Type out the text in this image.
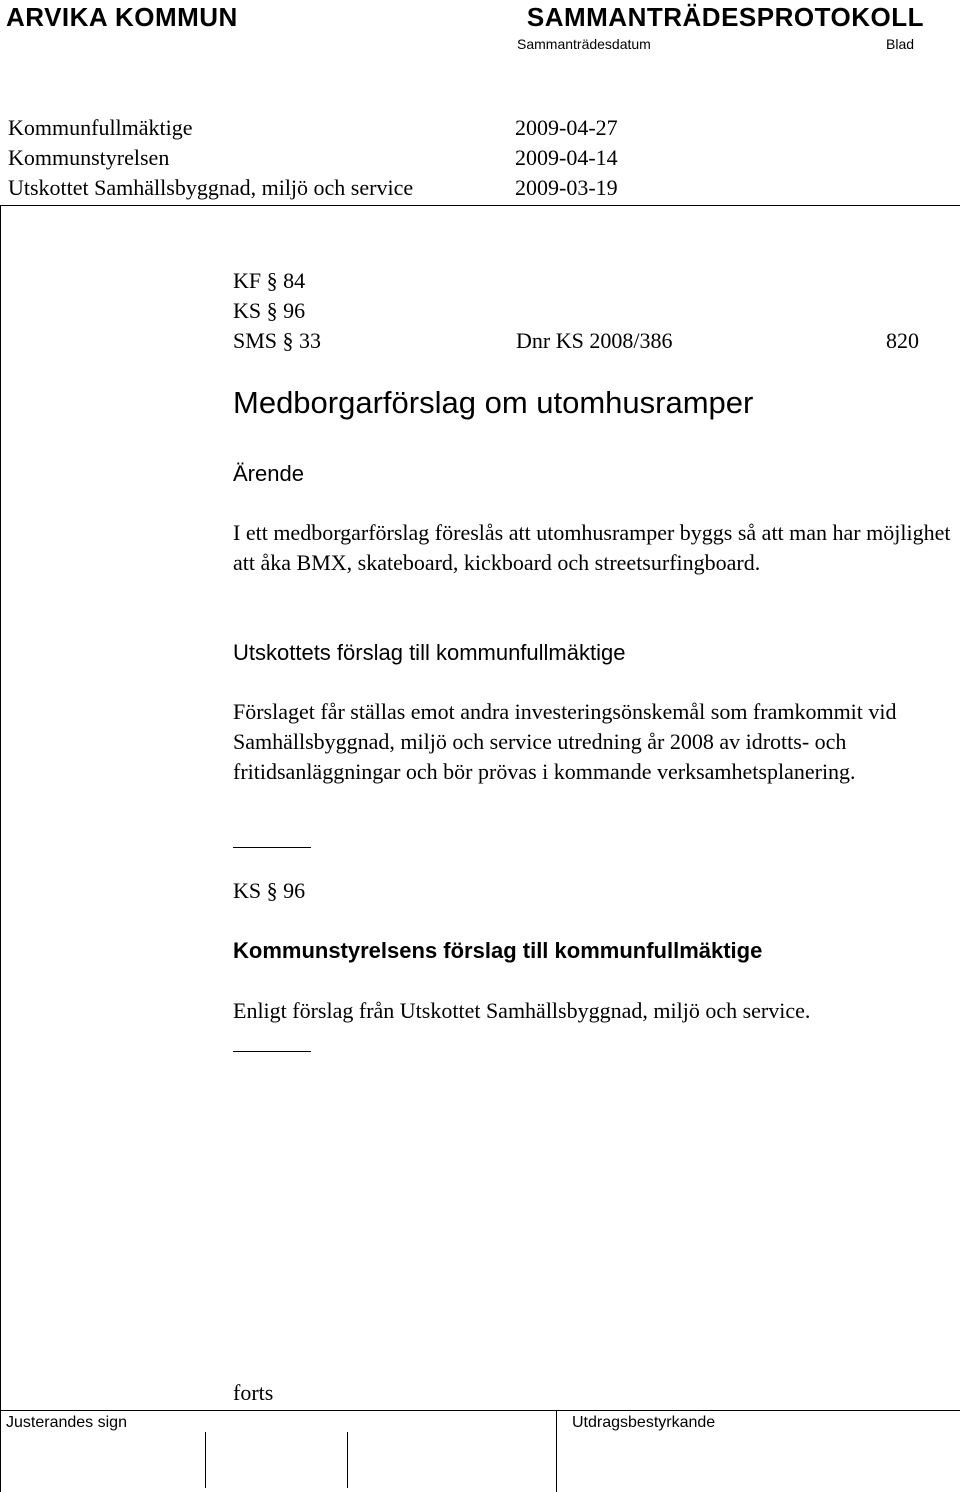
ARVIKA KOMMUN	SAMMANTRÄDESPROTOKOLL
Sammanträdesdatum	Blad
Kommunfullmäktige	2009-04-27
Kommunstyrelsen	2009-04-14
Utskottet Samhällsbyggnad, miljö och service	2009-03-19
KF § 84
KS § 96
SMS § 33	Dnr KS 2008/386	820
Medborgarförslag om utomhusramper
Ärende
I ett medborgarförslag föreslås att utomhusramper byggs så att man har möjlighet att åka BMX, skateboard, kickboard och streetsurfingboard.
Utskottets förslag till kommunfullmäktige
Förslaget får ställas emot andra investeringsönskemål som framkommit vid Samhällsbyggnad, miljö och service utredning år 2008 av idrotts- och fritidsanläggningar och bör prövas i kommande verksamhetsplanering.
KS § 96
Kommunstyrelsens förslag till kommunfullmäktige
Enligt förslag från Utskottet Samhällsbyggnad, miljö och service.
forts
Justerandes sign	Utdragsbestyrkande
